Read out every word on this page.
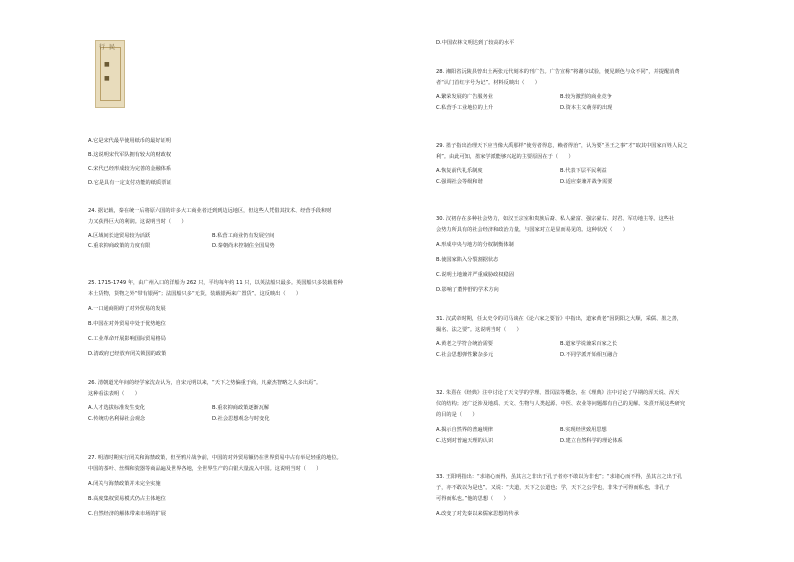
行 民
■
■
A.它是宋代最早使用纸币的最好证明
B.这说明宋代军队拥有较大的财政权
C.宋代已经形成较为完善的金融体系
D.它是具有一定支付功能的纸质票证
24. 据记载，秦在统一后将原六国的许多大工商业者迁到到边远地区，但这些人凭借其技术、经营手段和财
力又获得巨大的利润。这说明当时（　　）
A.区域间长途贸易较为活跃	B.私营工商业仍有发展空间
C.重农抑商政策的力度有限	D.秦朝尚未控制住全国局势
25. 1715-1749 年，由广州入口的洋船为 262 只，平均每年约 11 只，以英法船只最多。英国船只多装载着种
本土货物，货物之外“带有银两”；法国船只多“无货，装载银两来广置货”。这反映出（　　）
A.一口通商阻碍了对外贸易的发展
B.中国在对外贸易中处于优势地位
C.工业革命开展影响国际贸易格局
D.清政府已经放弃闭关锁国的政策
26. 清朝道光年间的经学家沈垚认为，自宋元明以来，“天下之势偏重于商，凡豪杰智略之人多出焉”。
这种看法表明（　　）
A.人才选拔标准发生变化	B.重农抑商政策逐渐瓦解
C.传统功名利禄社会观念	D.社会思想观念与时变化
27. 明清时期实行闭关和海禁政策，但至鸦片战争前，中国的对外贸易额仍在世界贸易中占有举足轻重的地位。
中国的茶叶、丝绸和瓷器等商品遍及世界各地，全世界生产的白银大量流入中国。这说明当时（　　）
A.闭关与海禁政策并未完全实施
B.高度集权贸易模式仍占主体地位
C.自然经济的解体带来市场的扩展
D.中国农林文明达到了较高的水平
28. 湘阳省沅陵县曾出土两张元代刻本的刊广告。广告宣称“将谢尔试验，便见颜色与众不同”，并提醒消费
者“认门首红字号为记”。材料反映出（　　）
A.繁荣发展的广告服务业	B.较为激烈的商业竞争
C.私营手工业地位的上升	D.资本主义萌芽的出现
29. 墨子指出治理天下应当像大禹那样“使劳者得息，赖者得治”，认为要“圣王之事”才“取其中国家百姓人民之
利”。由此可知，墨家学派能够兴起的主要原因在于（　　）
A.恢复前代礼乐制度	B.代表下层平民利益
C.强调社会等级和谐	D.适应秦兼并战争需要
30. 汉初存在多种社会势力，如汉王宗室和贵族后裔、私人豪富、强宗豪右、封君、军功地主等。这些社
会势力所具有的社会经济和政治力量，与国家对立是显而易见的。这种状况（　　）
A.形成中央与地方的分权制衡体制
B.使国家陷入分裂割据状态
C.说明土地兼并严重威胁政权稳固
D.影响了董仲舒的学术方向
31. 汉武帝时期，任太史令的司马谈在《论六家之要旨》中指出，道家黄老“因阴阳之大顺，采儒、墨之善，
撮名、法之要”。这说明当时（　　）
A.黄老之学符合统治需要	B.道家学说兼采百家之长
C.社会思想弹性繁杂多元	D.不同学派开始相互融合
32. 朱熹在《经典》注中讨论了天文学的学理、置闰法等概念，在《理典》注中讨论了早期的浑天说、浑天
仪的结构；还广泛涉及地质、天文、生物与人类起源、中医、农业等问题都有自己的见解。朱熹开展这些研究
的目的是（　　）
A.揭示自然界的普遍规律	B.实现经世致用思想
C.达到对普遍天理的认识	D.建立自然科学的理论体系
33. 王阳明指出：“求诸心而得，虽其言之非出于孔子者亦不敢以为非也”；“求诸心而不得，虽其言之出于孔
子，亦不敢以为是也”。又说：“夫道，天下之公道也；学，天下之公学也，非朱子可得而私也，非孔子
可得而私也。”他的思想（　　）
A.改变了对先秦以来儒家思想的传承
